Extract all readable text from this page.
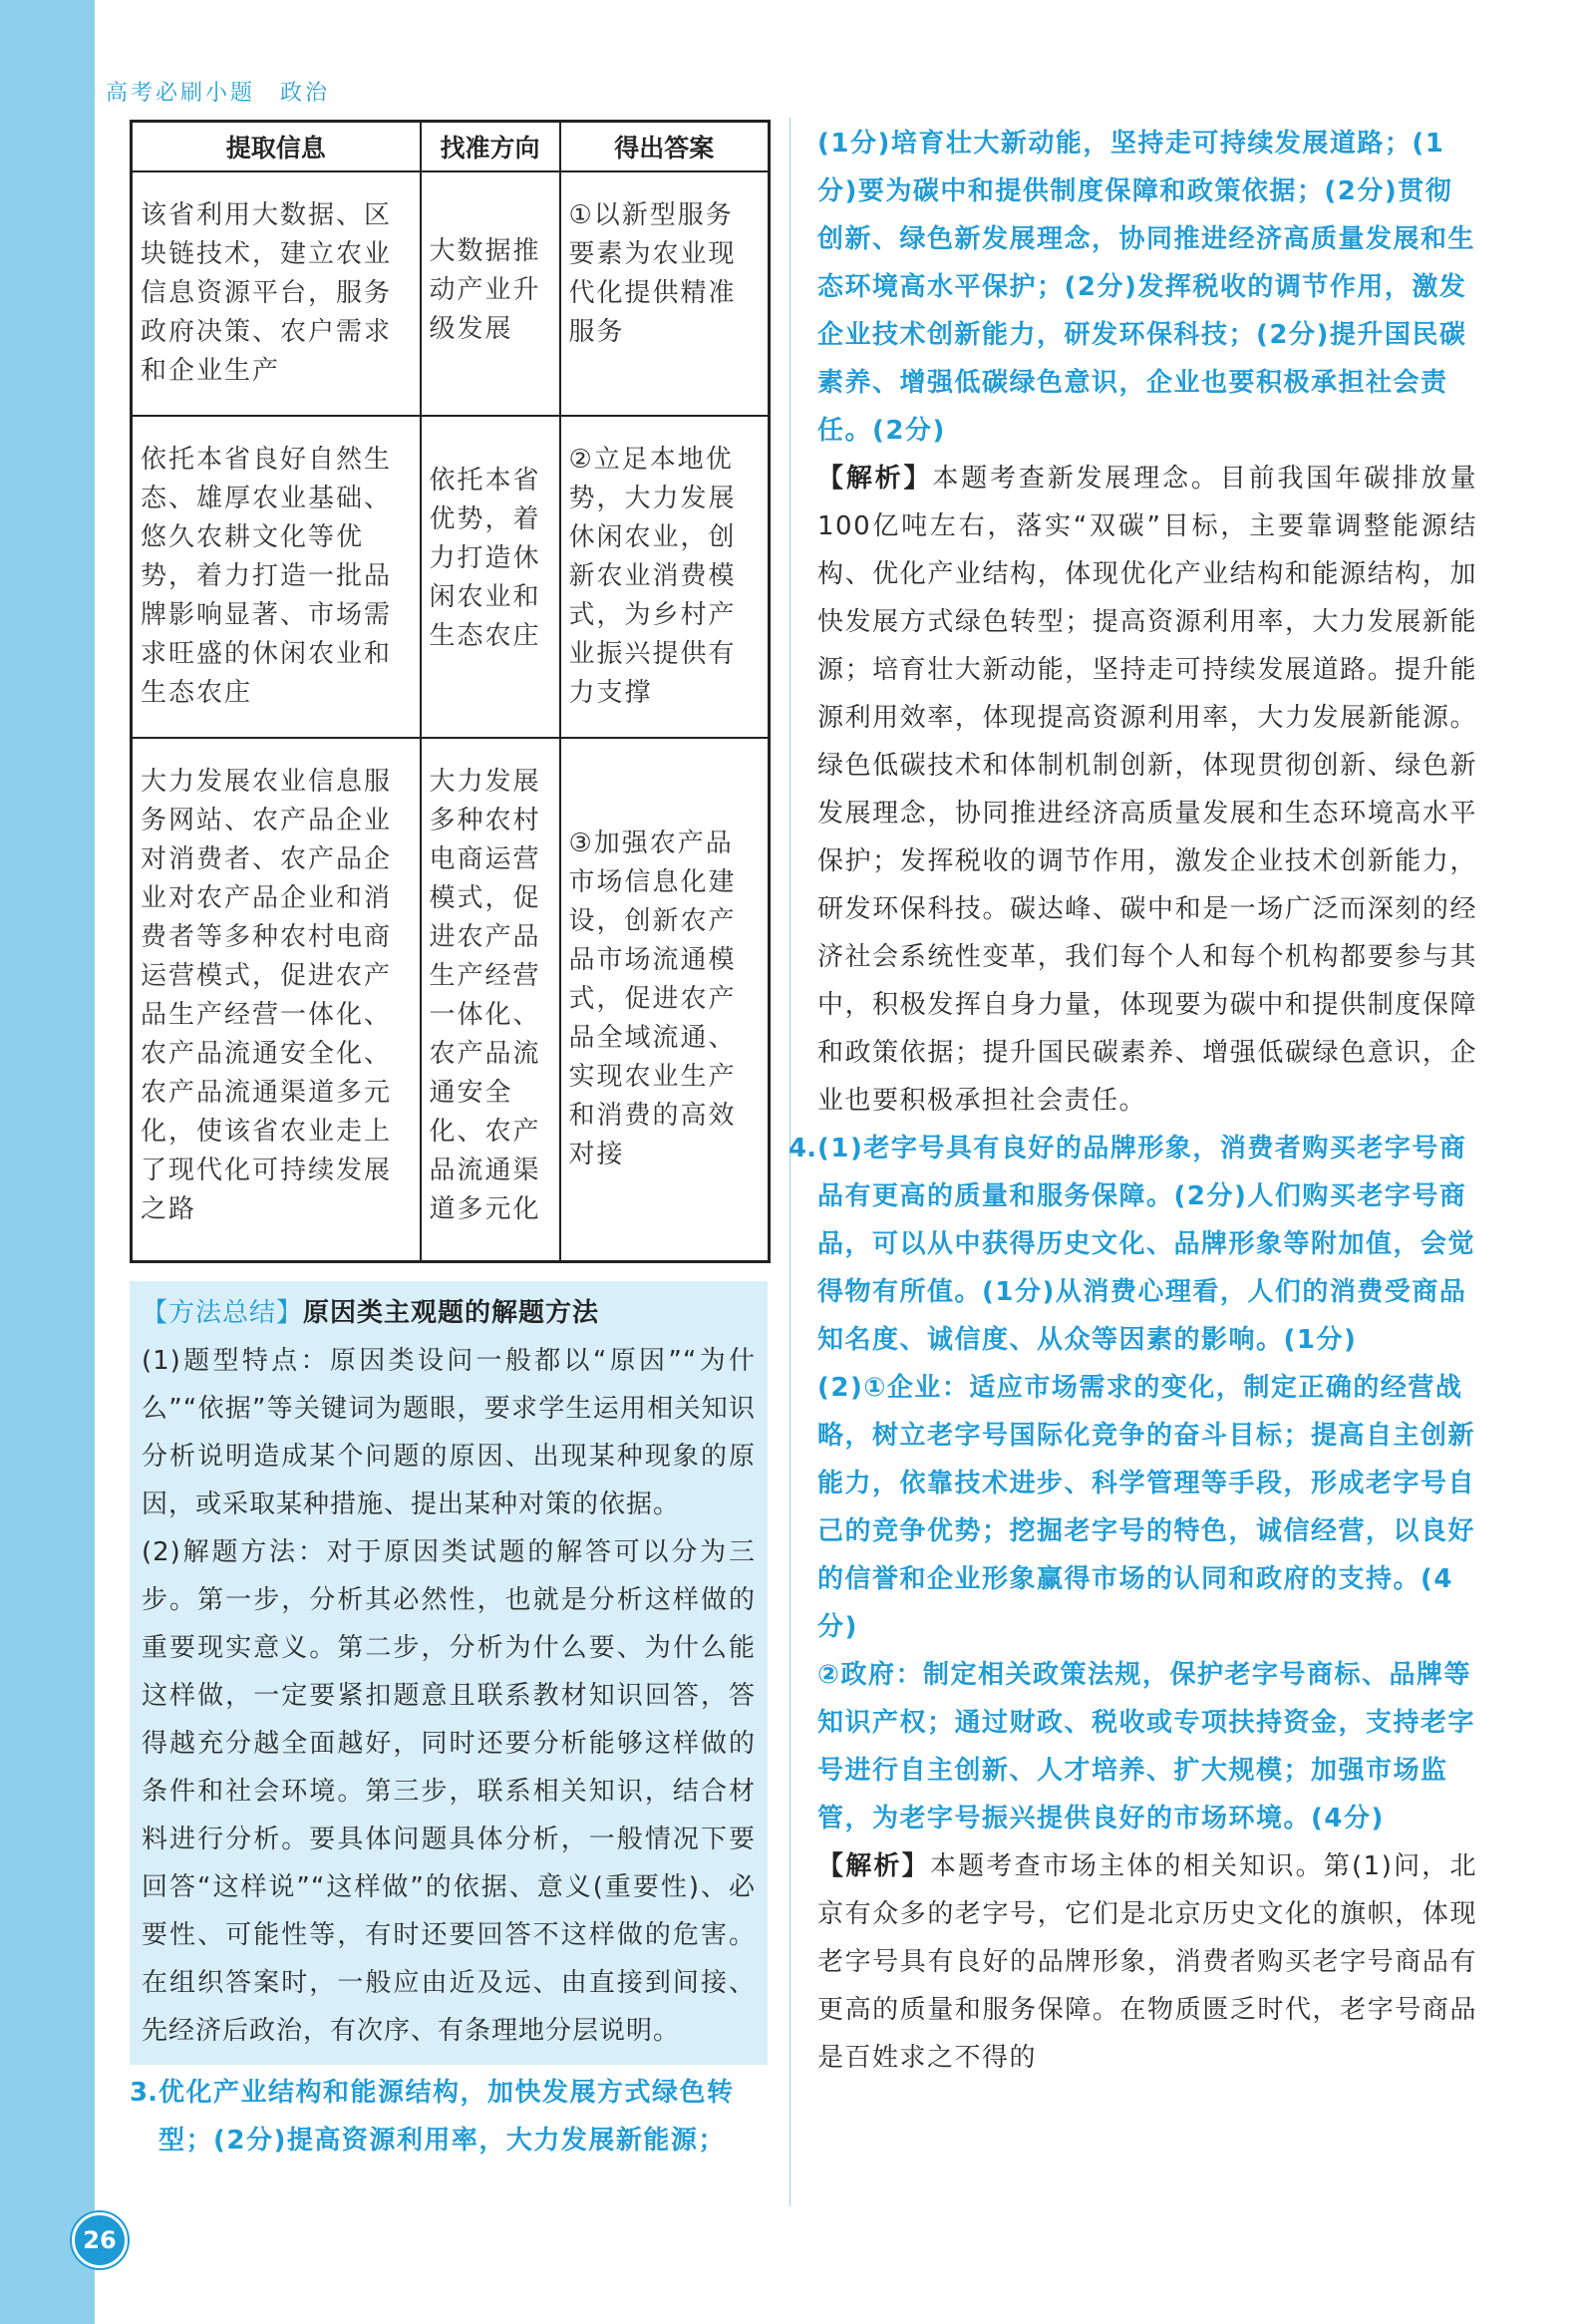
高考必刷小题　政治
26
提取信息	找准方向	得出答案
该省利用大数据、区块链技术，建立农业信息资源平台，服务政府决策、农户需求和企业生产	大数据推动产业升级发展	①以新型服务要素为农业现代化提供精准服务
依托本省良好自然生态、雄厚农业基础、悠久农耕文化等优势，着力打造一批品牌影响显著、市场需求旺盛的休闲农业和生态农庄	依托本省优势，着力打造休闲农业和生态农庄	②立足本地优势，大力发展休闲农业，创新农业消费模式，为乡村产业振兴提供有力支撑
大力发展农业信息服务网站、农产品企业对消费者、农产品企业对农产品企业和消费者等多种农村电商运营模式，促进农产品生产经营一体化、农产品流通安全化、农产品流通渠道多元化，使该省农业走上了现代化可持续发展之路	大力发展多种农村电商运营模式，促进农产品生产经营一体化、农产品流通安全化、农产品流通渠道多元化	③加强农产品市场信息化建设，创新农产品市场流通模式，促进农产品全域流通、实现农业生产和消费的高效对接

【方法总结】原因类主观题的解题方法

(1)题型特点：原因类设问一般都以“原因”“为什么”“依据”等关键词为题眼，要求学生运用相关知识分析说明造成某个问题的原因、出现某种现象的原因，或采取某种措施、提出某种对策的依据。

(2)解题方法：对于原因类试题的解答可以分为三步。第一步，分析其必然性，也就是分析这样做的重要现实意义。第二步，分析为什么要、为什么能这样做，一定要紧扣题意且联系教材知识回答，答得越充分越全面越好，同时还要分析能够这样做的条件和社会环境。第三步，联系相关知识，结合材料进行分析。要具体问题具体分析，一般情况下要回答“这样说”“这样做”的依据、意义(重要性)、必要性、可能性等，有时还要回答不这样做的危害。在组织答案时，一般应由近及远、由直接到间接、先经济后政治，有次序、有条理地分层说明。

3. 优化产业结构和能源结构，加快发展方式绿色转型；(2分)提高资源利用率，大力发展新能源；

(1分)培育壮大新动能，坚持走可持续发展道路；(1分)要为碳中和提供制度保障和政策依据；(2分)贯彻创新、绿色新发展理念，协同推进经济高质量发展和生态环境高水平保护；(2分)发挥税收的调节作用，激发企业技术创新能力，研发环保科技；(2分)提升国民碳素养、增强低碳绿色意识，企业也要积极承担社会责任。(2分)

【解析】本题考查新发展理念。目前我国年碳排放量100亿吨左右，落实“双碳”目标，主要靠调整能源结构、优化产业结构，体现优化产业结构和能源结构，加快发展方式绿色转型；提高资源利用率，大力发展新能源；培育壮大新动能，坚持走可持续发展道路。提升能源利用效率，体现提高资源利用率，大力发展新能源。绿色低碳技术和体制机制创新，体现贯彻创新、绿色新发展理念，协同推进经济高质量发展和生态环境高水平保护；发挥税收的调节作用，激发企业技术创新能力，研发环保科技。碳达峰、碳中和是一场广泛而深刻的经济社会系统性变革，我们每个人和每个机构都要参与其中，积极发挥自身力量，体现要为碳中和提供制度保障和政策依据；提升国民碳素养、增强低碳绿色意识，企业也要积极承担社会责任。

4. (1)老字号具有良好的品牌形象，消费者购买老字号商品有更高的质量和服务保障。(2分)人们购买老字号商品，可以从中获得历史文化、品牌形象等附加值，会觉得物有所值。(1分)从消费心理看，人们的消费受商品知名度、诚信度、从众等因素的影响。(1分)

(2)①企业：适应市场需求的变化，制定正确的经营战略，树立老字号国际化竞争的奋斗目标；提高自主创新能力，依靠技术进步、科学管理等手段，形成老字号自己的竞争优势；挖掘老字号的特色，诚信经营，以良好的信誉和企业形象赢得市场的认同和政府的支持。(4分)

②政府：制定相关政策法规，保护老字号商标、品牌等知识产权；通过财政、税收或专项扶持资金，支持老字号进行自主创新、人才培养、扩大规模；加强市场监管，为老字号振兴提供良好的市场环境。(4分)

【解析】本题考查市场主体的相关知识。第(1)问，北京有众多的老字号，它们是北京历史文化的旗帜，体现老字号具有良好的品牌形象，消费者购买老字号商品有更高的质量和服务保障。在物质匮乏时代，老字号商品是百姓求之不得的
